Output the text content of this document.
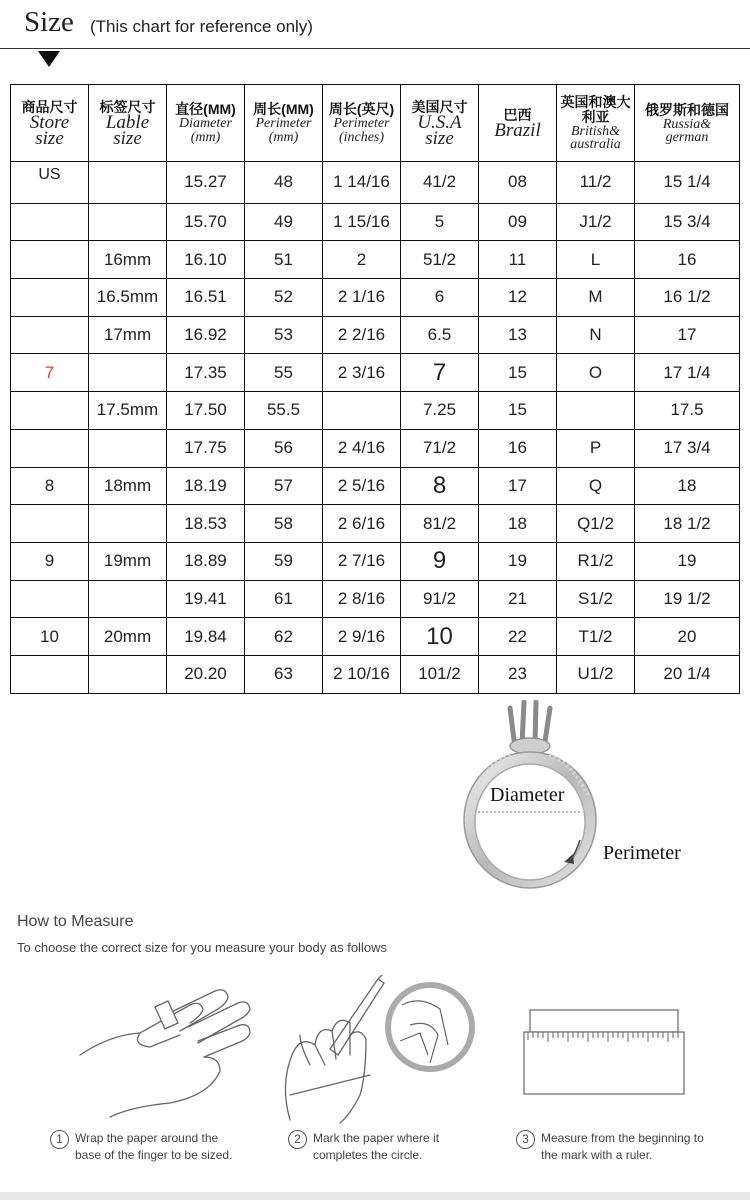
Size (This chart for reference only)
商品尺寸
Store
size	标签尺寸
Lable
size	直径(MM)
Diameter
(mm)	周长(MM)
Perimeter
(mm)	周长(英尺)
Perimeter
(inches)	美国尺寸
U.S.A
size	巴西
Brazil	英国和澳大利亚
British&
australia	俄罗斯和德国
Russia&
german

US		15.27	48	1 14/16	41/2	08	11/2	15 1/4
		15.70	49	1 15/16	5	09	J1/2	15 3/4
	16mm	16.10	51	2	51/2	11	L	16
	16.5mm	16.51	52	2 1/16	6	12	M	16 1/2
	17mm	16.92	53	2 2/16	6.5	13	N	17
7		17.35	55	2 3/16	7	15	O	17 1/4
	17.5mm	17.50	55.5		7.25	15		17.5
		17.75	56	2 4/16	71/2	16	P	17 3/4
8	18mm	18.19	57	2 5/16	8	17	Q	18
		18.53	58	2 6/16	81/2	18	Q1/2	18 1/2
9	19mm	18.89	59	2 7/16	9	19	R1/2	19
		19.41	61	2 8/16	91/2	21	S1/2	19 1/2
10	20mm	19.84	62	2 9/16	10	22	T1/2	20
		20.20	63	2 10/16	101/2	23	U1/2	20 1/4
Diameter
Perimeter
How to Measure
To choose the correct size for you measure your body as follows
1	Wrap the paper around the
base of the finger to be sized.
2	Mark the paper where it
completes the circle.
3	Measure from the beginning to
the mark with a ruler.
